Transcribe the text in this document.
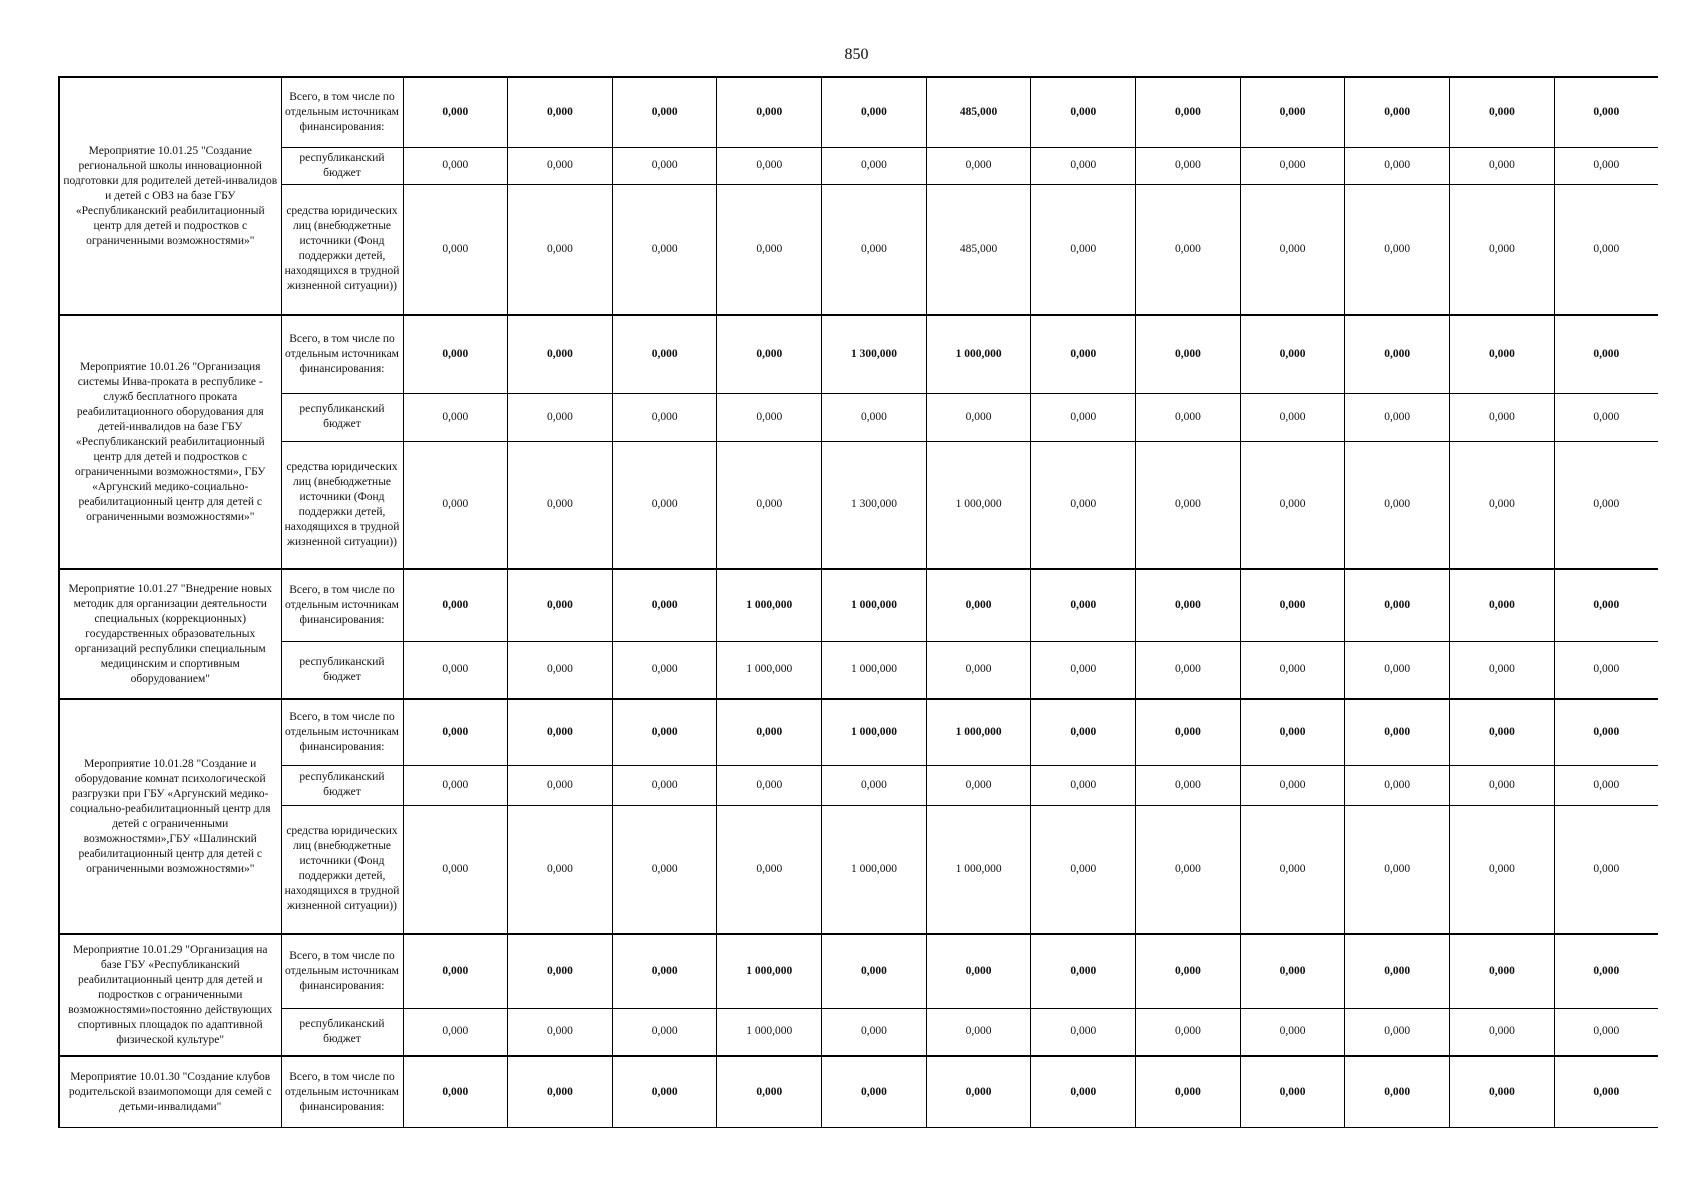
850
Мероприятие 10.01.25 "Создание региональной школы инновационной подготовки для родителей детей-инвалидов и детей с ОВЗ на базе ГБУ «Республиканский реабилитационный центр для детей и подростков с ограниченными возможностями»"	Всего, в том числе по отдельным источникам финансирования:	0,000	0,000	0,000	0,000	0,000	485,000	0,000	0,000	0,000	0,000	0,000	0,000
	республиканский бюджет	0,000	0,000	0,000	0,000	0,000	0,000	0,000	0,000	0,000	0,000	0,000	0,000
	средства юридических лиц (внебюджетные источники (Фонд поддержки детей, находящихся в трудной жизненной ситуации))	0,000	0,000	0,000	0,000	0,000	485,000	0,000	0,000	0,000	0,000	0,000	0,000
Мероприятие 10.01.26 "Организация системы Инва-проката в республике - служб бесплатного проката реабилитационного оборудования для детей-инвалидов на базе ГБУ «Республиканский реабилитационный центр для детей и подростков с ограниченными возможностями», ГБУ «Аргунский медико-социально-реабилитационный центр для детей с ограниченными возможностями»"	Всего, в том числе по отдельным источникам финансирования:	0,000	0,000	0,000	0,000	1 300,000	1 000,000	0,000	0,000	0,000	0,000	0,000	0,000
	республиканский бюджет	0,000	0,000	0,000	0,000	0,000	0,000	0,000	0,000	0,000	0,000	0,000	0,000
	средства юридических лиц (внебюджетные источники (Фонд поддержки детей, находящихся в трудной жизненной ситуации))	0,000	0,000	0,000	0,000	1 300,000	1 000,000	0,000	0,000	0,000	0,000	0,000	0,000
Мероприятие 10.01.27 "Внедрение новых методик для организации деятельности специальных (коррекционных) государственных образовательных организаций республики специальным медицинским и спортивным оборудованием"	Всего, в том числе по отдельным источникам финансирования:	0,000	0,000	0,000	1 000,000	1 000,000	0,000	0,000	0,000	0,000	0,000	0,000	0,000
	республиканский бюджет	0,000	0,000	0,000	1 000,000	1 000,000	0,000	0,000	0,000	0,000	0,000	0,000	0,000
Мероприятие 10.01.28 "Создание и оборудование комнат психологической разгрузки при ГБУ «Аргунский медико-социально-реабилитационный центр для детей с ограниченными возможностями»,ГБУ «Шалинский реабилитационный центр для детей с ограниченными возможностями»"	Всего, в том числе по отдельным источникам финансирования:	0,000	0,000	0,000	0,000	1 000,000	1 000,000	0,000	0,000	0,000	0,000	0,000	0,000
	республиканский бюджет	0,000	0,000	0,000	0,000	0,000	0,000	0,000	0,000	0,000	0,000	0,000	0,000
	средства юридических лиц (внебюджетные источники (Фонд поддержки детей, находящихся в трудной жизненной ситуации))	0,000	0,000	0,000	0,000	1 000,000	1 000,000	0,000	0,000	0,000	0,000	0,000	0,000
Мероприятие 10.01.29 "Организация на базе ГБУ «Республиканский реабилитационный центр для детей и подростков с ограниченными возможностями»постоянно действующих спортивных площадок по адаптивной физической культуре"	Всего, в том числе по отдельным источникам финансирования:	0,000	0,000	0,000	1 000,000	0,000	0,000	0,000	0,000	0,000	0,000	0,000	0,000
	республиканский бюджет	0,000	0,000	0,000	1 000,000	0,000	0,000	0,000	0,000	0,000	0,000	0,000	0,000
Мероприятие 10.01.30 "Создание клубов родительской взаимопомощи для семей с детьми-инвалидами"	Всего, в том числе по отдельным источникам финансирования:	0,000	0,000	0,000	0,000	0,000	0,000	0,000	0,000	0,000	0,000	0,000	0,000
